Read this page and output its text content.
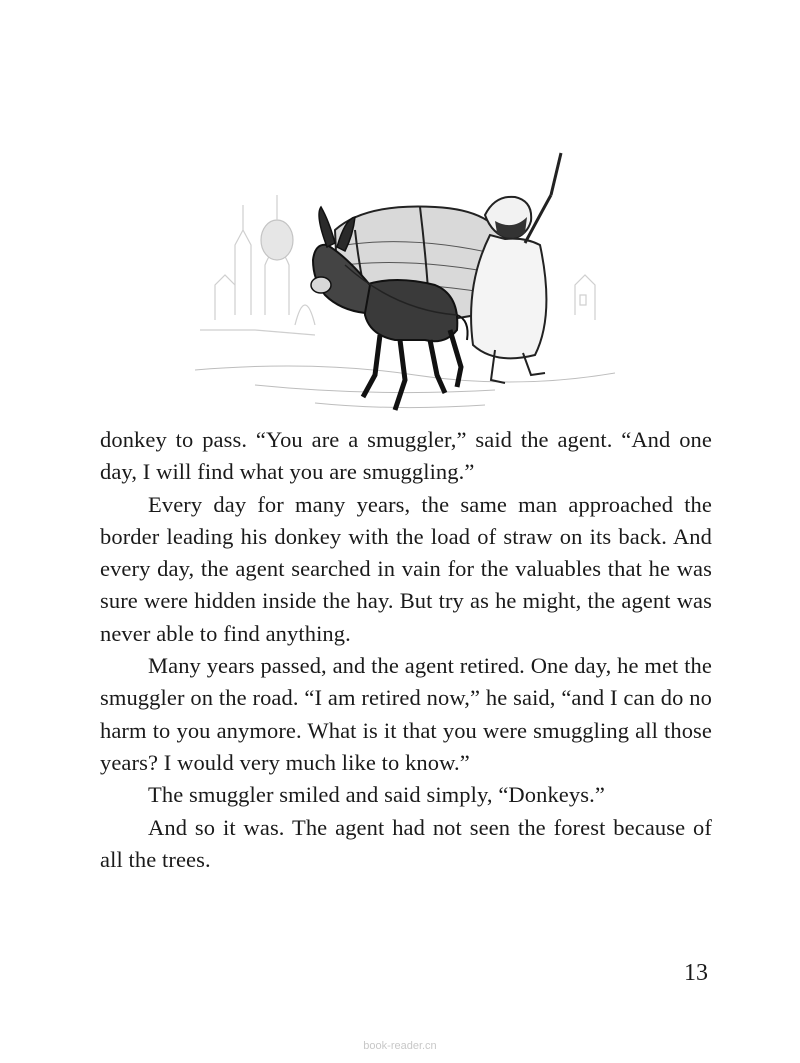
donkey to pass. “You are a smuggler,” said the agent. “And one day, I will find what you are smuggling.”

Every day for many years, the same man approached the border leading his donkey with the load of straw on its back. And every day, the agent searched in vain for the valuables that he was sure were hidden inside the hay. But try as he might, the agent was never able to find anything.

Many years passed, and the agent retired. One day, he met the smuggler on the road. “I am retired now,” he said, “and I can do no harm to you anymore. What is it that you were smuggling all those years? I would very much like to know.”

The smuggler smiled and said simply, “Donkeys.”

And so it was. The agent had not seen the forest because of all the trees.

13
book-reader.cn
